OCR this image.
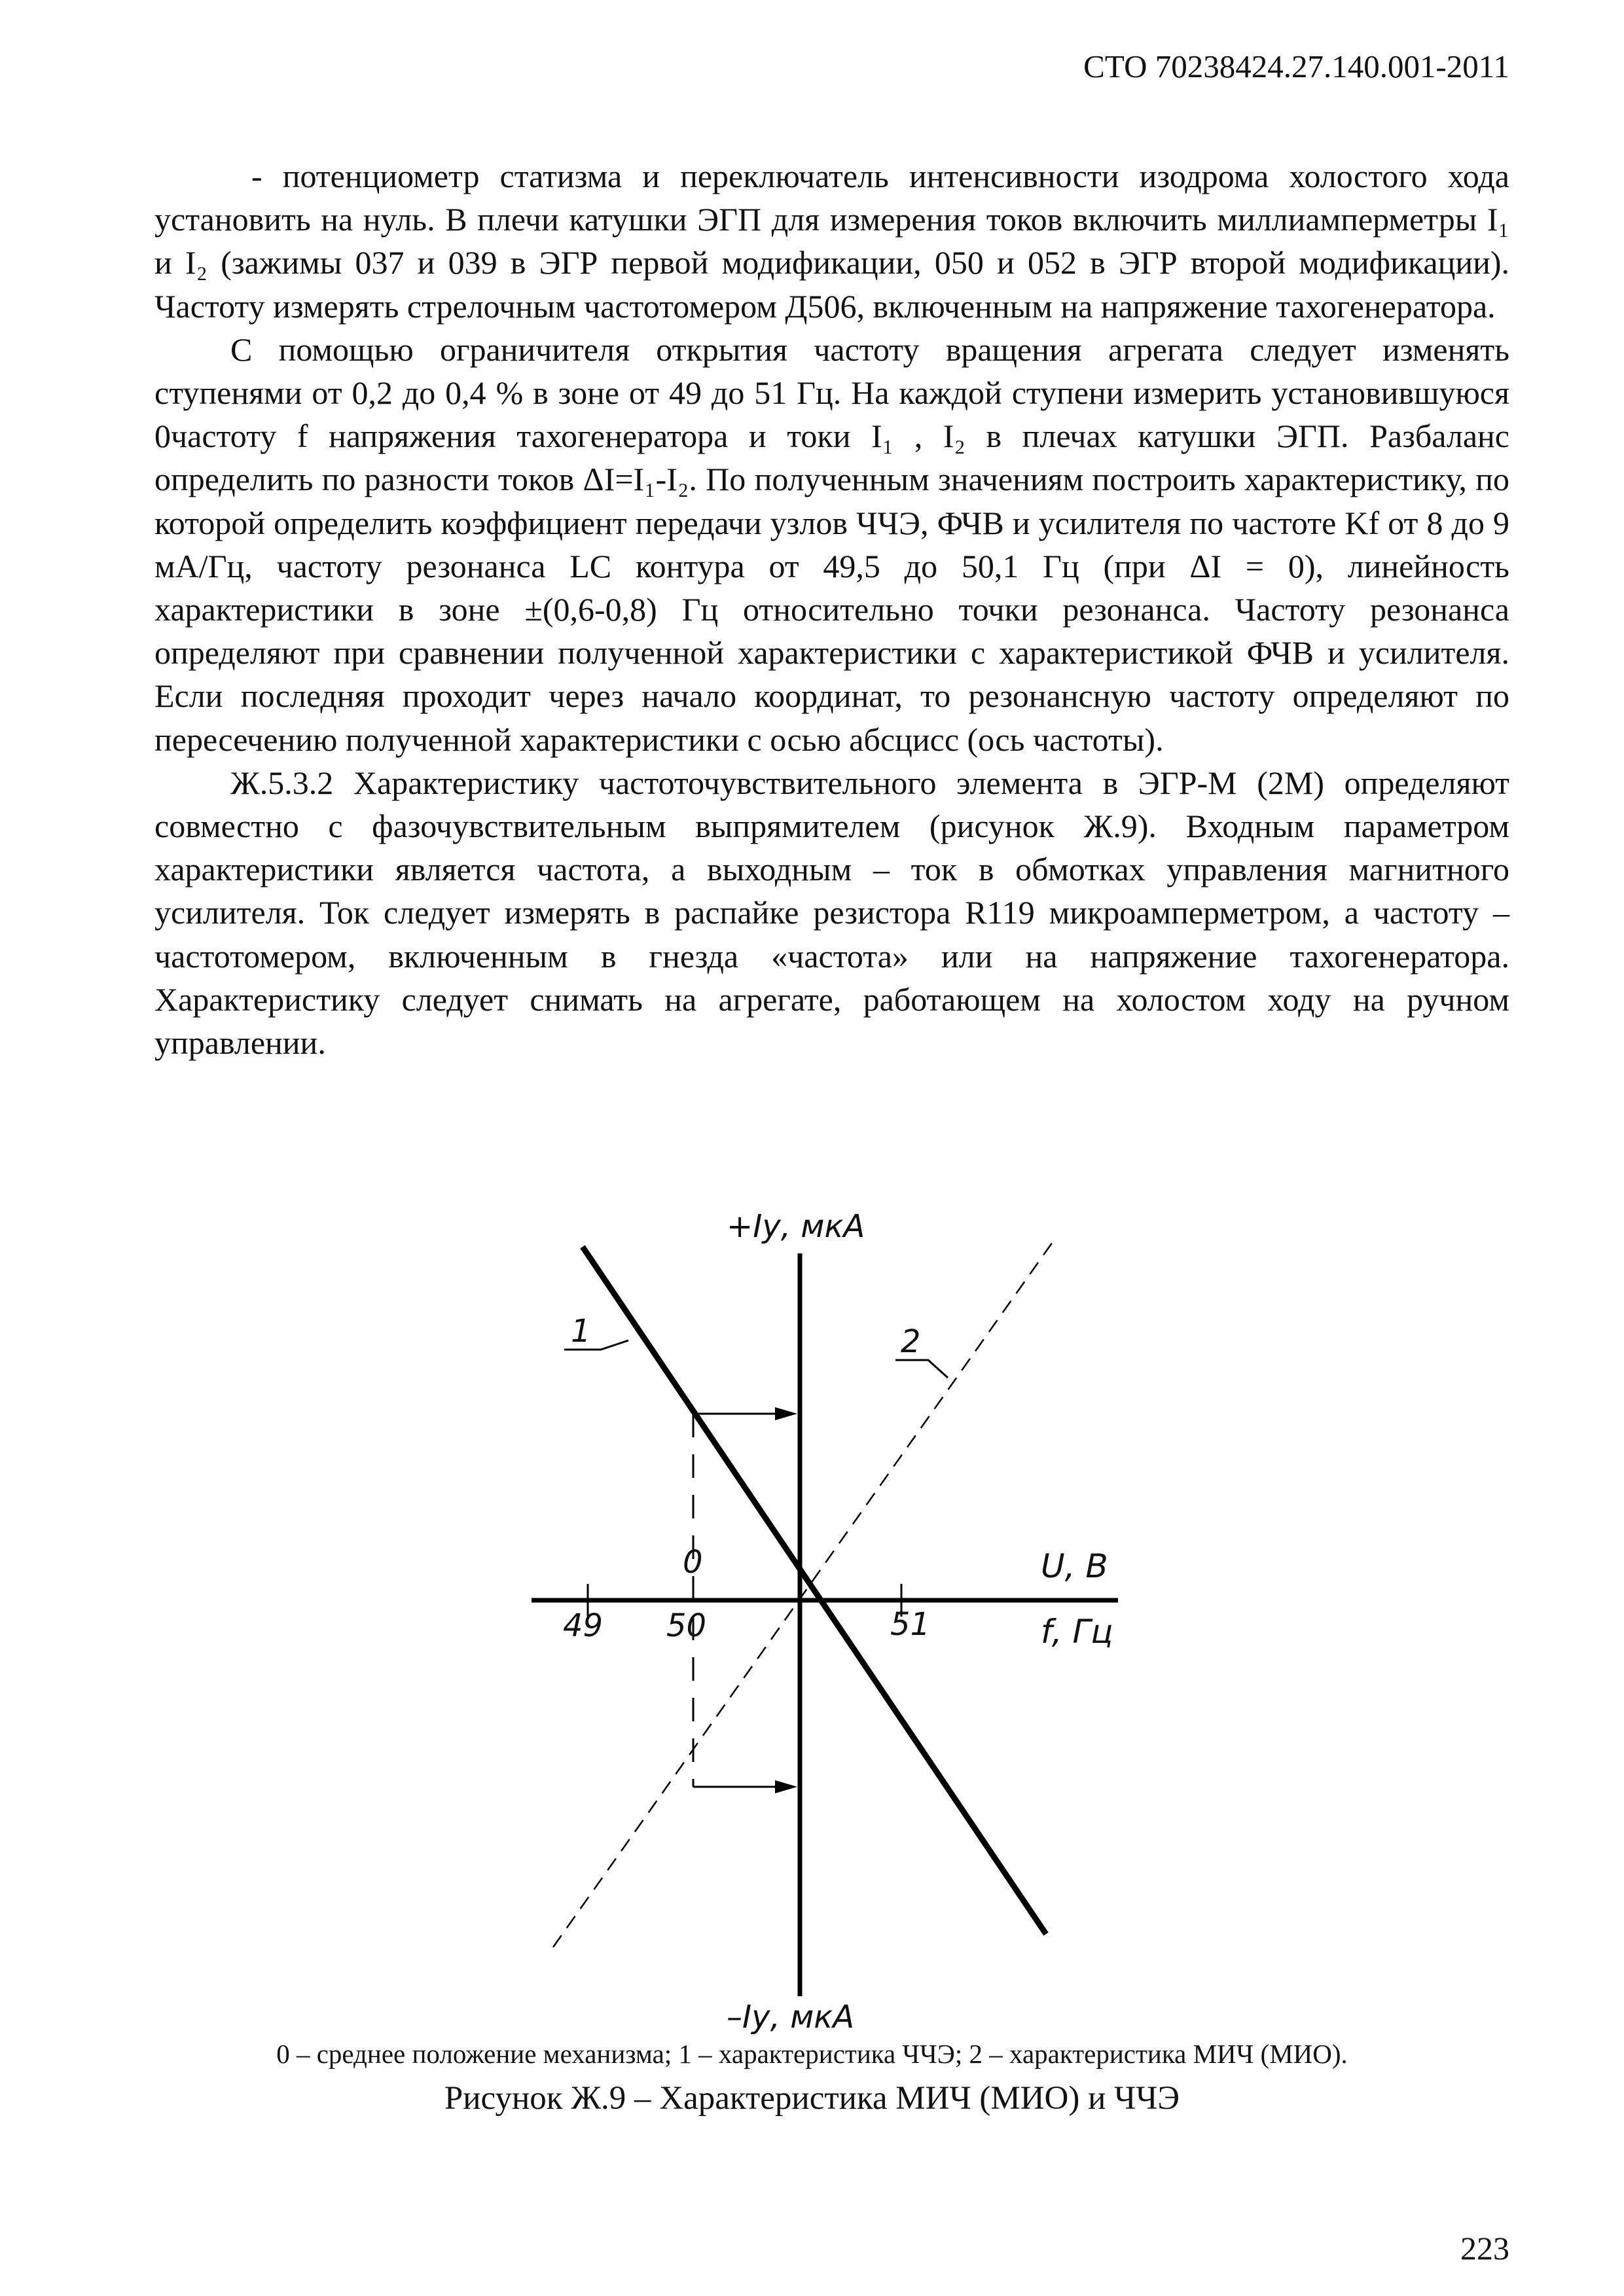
СТО 70238424.27.140.001-2011

- потенциометр статизма и переключатель интенсивности изодрома холостого хода установить на нуль. В плечи катушки ЭГП для измерения токов включить миллиамперметры I₁ и I₂ (зажимы 037 и 039 в ЭГР первой модификации, 050 и 052 в ЭГР второй модификации). Частоту измерять стрелочным частотомером Д506, включенным на напряжение тахогенератора.

С помощью ограничителя открытия частоту вращения агрегата следует изменять ступенями от 0,2 до 0,4 % в зоне от 49 до 51 Гц. На каждой ступени измерить установившуюся 0частоту f напряжения тахогенератора и токи I₁ , I₂ в плечах катушки ЭГП. Разбаланс определить по разности токов ΔI=I₁-I₂. По полученным значениям построить характеристику, по которой определить коэффициент передачи узлов ЧЧЭ, ФЧВ и усилителя по частоте Kf от 8 до 9 мА/Гц, частоту резонанса LC контура от 49,5 до 50,1 Гц (при ΔI = 0), линейность характеристики в зоне ±(0,6-0,8) Гц относительно точки резонанса. Частоту резонанса определяют при сравнении полученной характеристики с характеристикой ФЧВ и усилителя. Если последняя проходит через начало координат, то резонансную частоту определяют по пересечению полученной характеристики с осью абсцисс (ось частоты).

Ж.5.3.2 Характеристику частоточувствительного элемента в ЭГР-М (2М) определяют совместно с фазочувствительным выпрямителем (рисунок Ж.9). Входным параметром характеристики является частота, а выходным – ток в обмотках управления магнитного усилителя. Ток следует измерять в распайке резистора R119 микроамперметром, а частоту – частотомером, включенным в гнезда «частота» или на напряжение тахогенератора. Характеристику следует снимать на агрегате, работающем на холостом ходу на ручном управлении.

+Iу, мкА
–Iу, мкА
U, B
f, Гц
49 50	51
0
1	2
0 – среднее положение механизма; 1 – характеристика ЧЧЭ; 2 – характеристика МИЧ (МИО).
Рисунок Ж.9 – Характеристика МИЧ (МИО) и ЧЧЭ
223
